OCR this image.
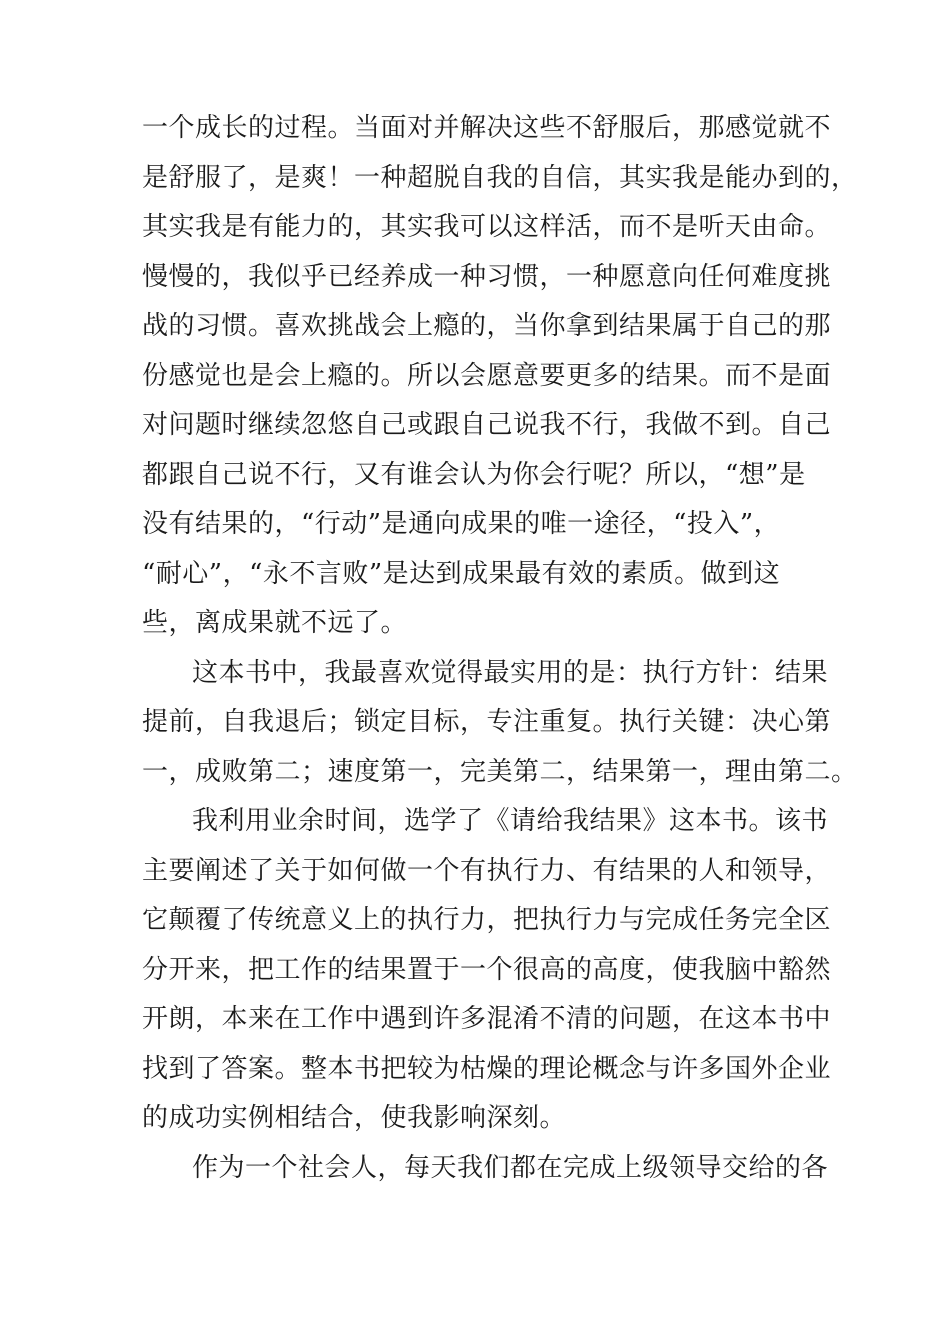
一个成长的过程。当面对并解决这些不舒服后，那感觉就不
是舒服了，是爽！一种超脱自我的自信，其实我是能办到的，
其实我是有能力的，其实我可以这样活，而不是听天由命。
慢慢的，我似乎已经养成一种习惯，一种愿意向任何难度挑
战的习惯。喜欢挑战会上瘾的，当你拿到结果属于自己的那
份感觉也是会上瘾的。所以会愿意要更多的结果。而不是面
对问题时继续忽悠自己或跟自己说我不行，我做不到。自己
都跟自己说不行，又有谁会认为你会行呢？所以，“想”是
没有结果的，“行动”是通向成果的唯一途径，“投入”，
“耐心”，“永不言败”是达到成果最有效的素质。做到这
些，离成果就不远了。
这本书中，我最喜欢觉得最实用的是：执行方针：结果
提前，自我退后；锁定目标，专注重复。执行关键：决心第
一，成败第二；速度第一，完美第二，结果第一，理由第二。
我利用业余时间，选学了《请给我结果》这本书。该书
主要阐述了关于如何做一个有执行力、有结果的人和领导，
它颠覆了传统意义上的执行力，把执行力与完成任务完全区
分开来，把工作的结果置于一个很高的高度，使我脑中豁然
开朗，本来在工作中遇到许多混淆不清的问题，在这本书中
找到了答案。整本书把较为枯燥的理论概念与许多国外企业
的成功实例相结合，使我影响深刻。
作为一个社会人，每天我们都在完成上级领导交给的各
